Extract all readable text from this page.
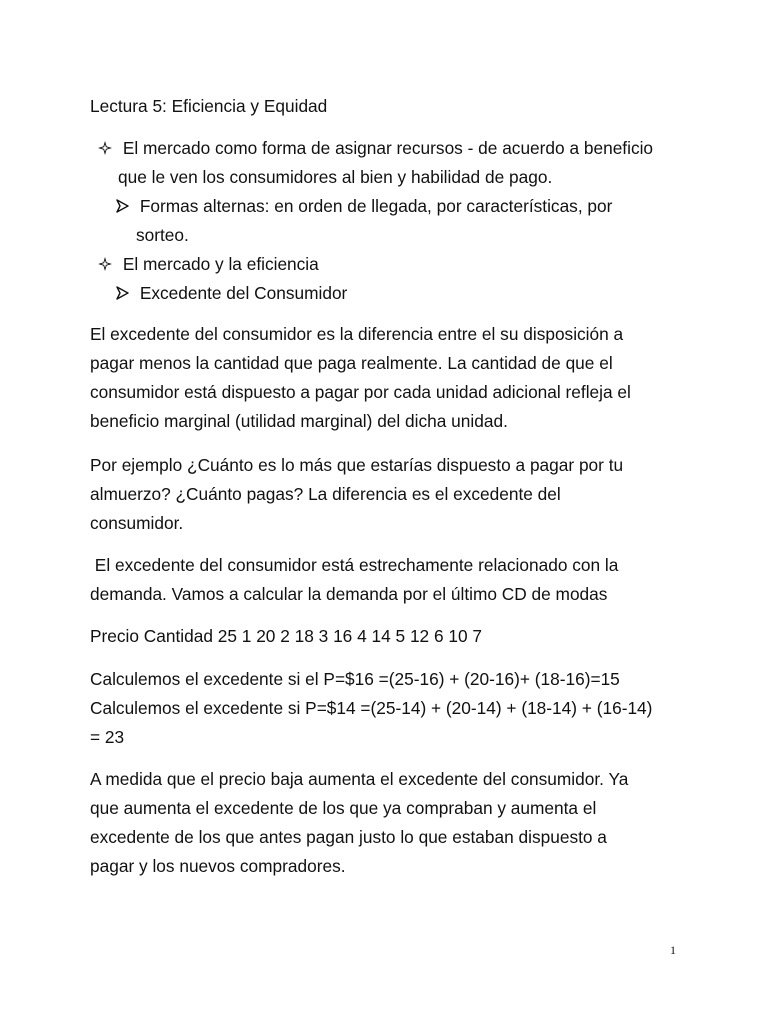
Lectura 5: Eficiencia y Equidad

El mercado como forma de asignar recursos - de acuerdo a beneficio

que le ven los consumidores al bien y habilidad de pago.

Formas alternas: en orden de llegada, por características, por

sorteo.

El mercado y la eficiencia
Excedente del Consumidor

El excedente del consumidor es la diferencia entre el su disposición a

pagar menos la cantidad que paga realmente. La cantidad de que el

consumidor está dispuesto a pagar por cada unidad adicional refleja el

beneficio marginal (utilidad marginal) del dicha unidad.

Por ejemplo ¿Cuánto es lo más que estarías dispuesto a pagar por tu

almuerzo? ¿Cuánto pagas? La diferencia es el excedente del

consumidor.

El excedente del consumidor está estrechamente relacionado con la

demanda. Vamos a calcular la demanda por el último CD de modas

Precio Cantidad 25 1 20 2 18 3 16 4 14 5 12 6 10 7

Calculemos el excedente si el P=$16 =(25-16) + (20-16)+ (18-16)=15

Calculemos el excedente si P=$14 =(25-14) + (20-14) + (18-14) + (16-14)

= 23

A medida que el precio baja aumenta el excedente del consumidor. Ya

que aumenta el excedente de los que ya compraban y aumenta el

excedente de los que antes pagan justo lo que estaban dispuesto a

pagar y los nuevos compradores.

1
